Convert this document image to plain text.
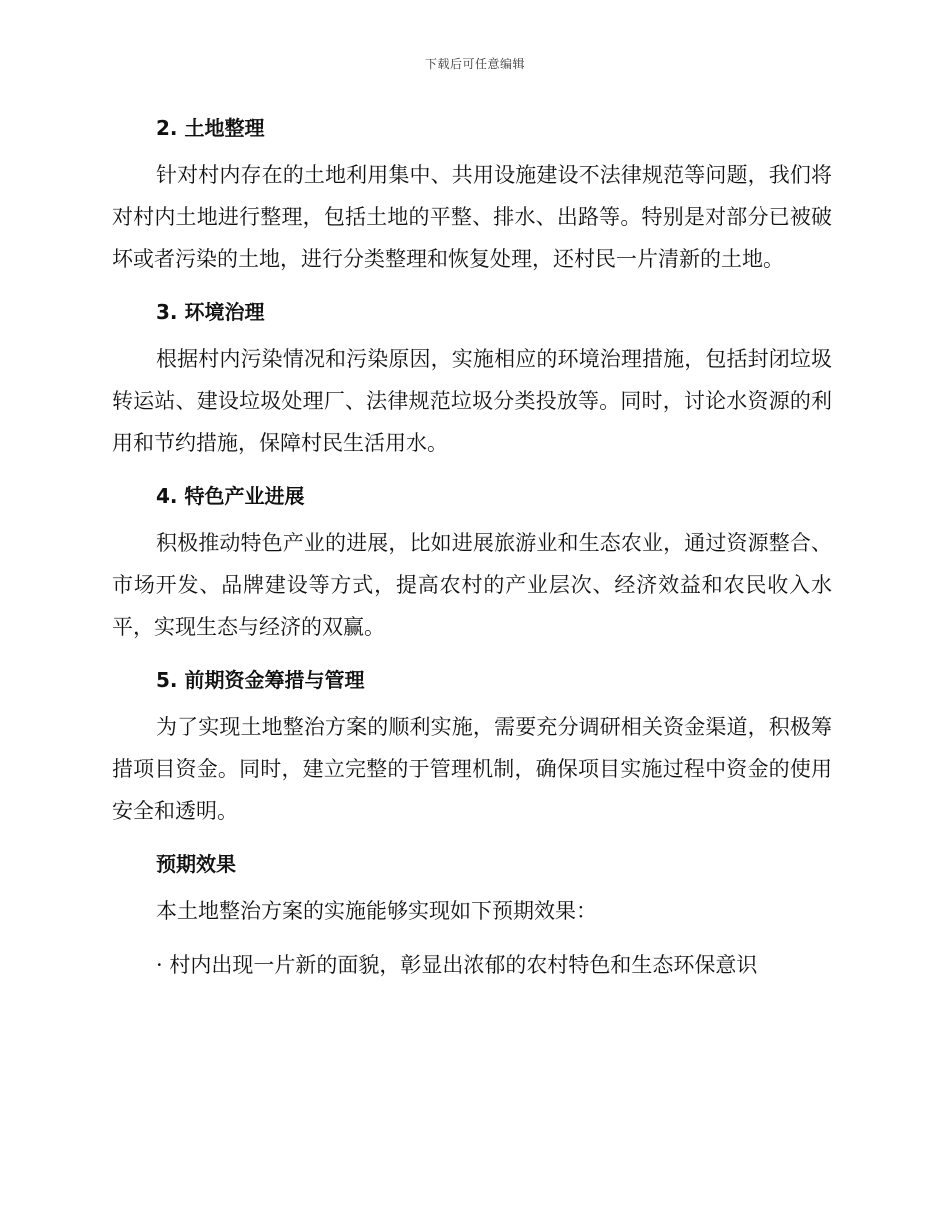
下载后可任意编辑
2. 土地整理

针对村内存在的土地利用集中、共用设施建设不法律规范等问题，我们将对村内土地进行整理，包括土地的平整、排水、出路等。特别是对部分已被破坏或者污染的土地，进行分类整理和恢复处理，还村民一片清新的土地。

3. 环境治理

根据村内污染情况和污染原因，实施相应的环境治理措施，包括封闭垃圾转运站、建设垃圾处理厂、法律规范垃圾分类投放等。同时，讨论水资源的利用和节约措施，保障村民生活用水。

4. 特色产业进展

积极推动特色产业的进展，比如进展旅游业和生态农业，通过资源整合、市场开发、品牌建设等方式，提高农村的产业层次、经济效益和农民收入水平，实现生态与经济的双赢。

5. 前期资金筹措与管理

为了实现土地整治方案的顺利实施，需要充分调研相关资金渠道，积极筹措项目资金。同时，建立完整的于管理机制，确保项目实施过程中资金的使用安全和透明。

预期效果

本土地整治方案的实施能够实现如下预期效果：

· 村内出现一片新的面貌，彰显出浓郁的农村特色和生态环保意识
